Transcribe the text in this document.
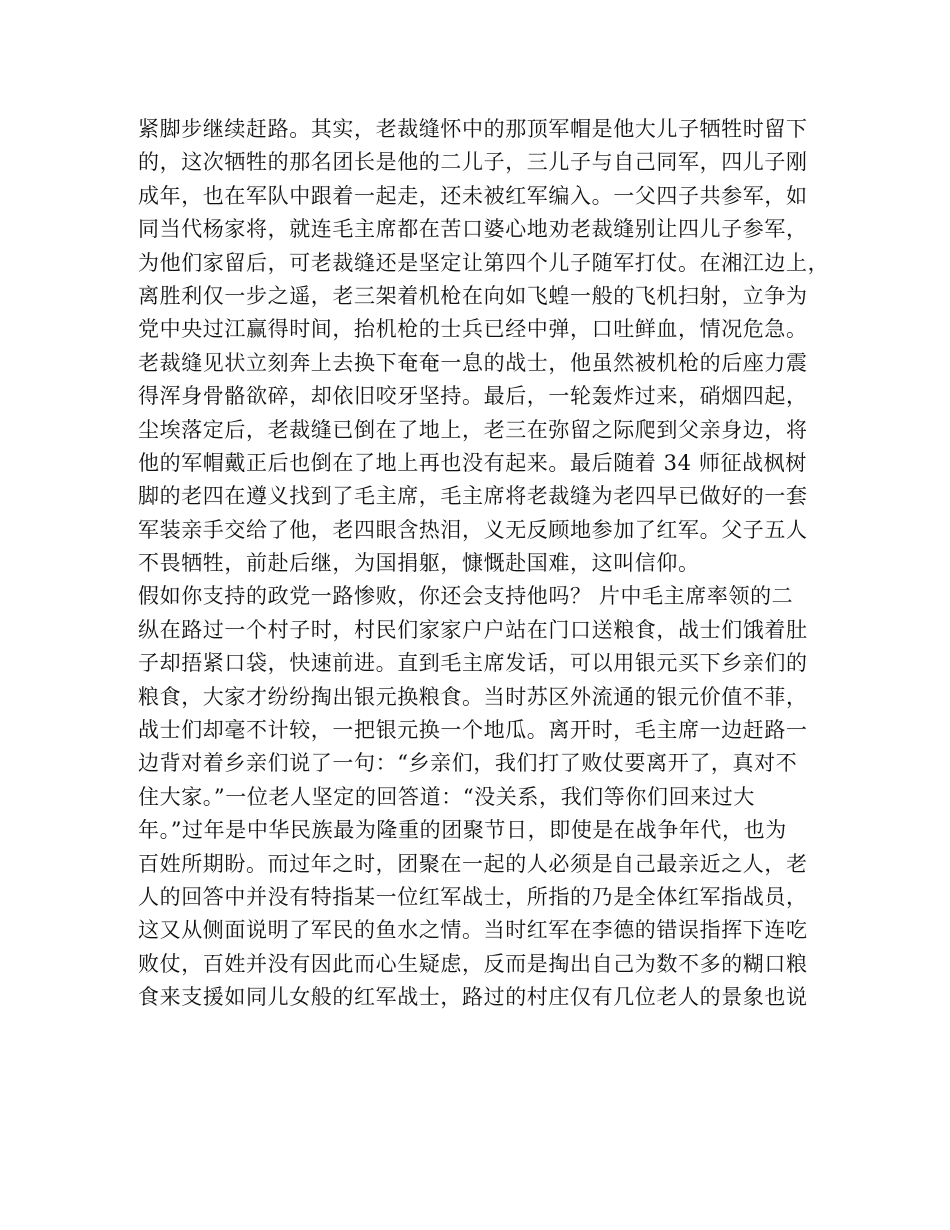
紧脚步继续赶路。其实，老裁缝怀中的那顶军帽是他大儿子牺牲时留下
的，这次牺牲的那名团长是他的二儿子，三儿子与自己同军，四儿子刚
成年，也在军队中跟着一起走，还未被红军编入。一父四子共参军，如
同当代杨家将，就连毛主席都在苦口婆心地劝老裁缝别让四儿子参军，
为他们家留后，可老裁缝还是坚定让第四个儿子随军打仗。在湘江边上，
离胜利仅一步之遥，老三架着机枪在向如飞蝗一般的飞机扫射，立争为
党中央过江赢得时间，抬机枪的士兵已经中弹，口吐鲜血，情况危急。
老裁缝见状立刻奔上去换下奄奄一息的战士，他虽然被机枪的后座力震
得浑身骨骼欲碎，却依旧咬牙坚持。最后，一轮轰炸过来，硝烟四起，
尘埃落定后，老裁缝已倒在了地上，老三在弥留之际爬到父亲身边，将
他的军帽戴正后也倒在了地上再也没有起来。最后随着 34 师征战枫树
脚的老四在遵义找到了毛主席，毛主席将老裁缝为老四早已做好的一套
军装亲手交给了他，老四眼含热泪，义无反顾地参加了红军。父子五人
不畏牺牲，前赴后继，为国捐躯，慷慨赴国难，这叫信仰。
假如你支持的政党一路惨败，你还会支持他吗？ 片中毛主席率领的二
纵在路过一个村子时，村民们家家户户站在门口送粮食，战士们饿着肚
子却捂紧口袋，快速前进。直到毛主席发话，可以用银元买下乡亲们的
粮食，大家才纷纷掏出银元换粮食。当时苏区外流通的银元价值不菲，
战士们却毫不计较，一把银元换一个地瓜。离开时，毛主席一边赶路一
边背对着乡亲们说了一句：“乡亲们，我们打了败仗要离开了，真对不
住大家。”一位老人坚定的回答道：“没关系，我们等你们回来过大
年。”过年是中华民族最为隆重的团聚节日，即使是在战争年代，也为
百姓所期盼。而过年之时，团聚在一起的人必须是自己最亲近之人，老
人的回答中并没有特指某一位红军战士，所指的乃是全体红军指战员，
这又从侧面说明了军民的鱼水之情。当时红军在李德的错误指挥下连吃
败仗，百姓并没有因此而心生疑虑，反而是掏出自己为数不多的糊口粮
食来支援如同儿女般的红军战士，路过的村庄仅有几位老人的景象也说
